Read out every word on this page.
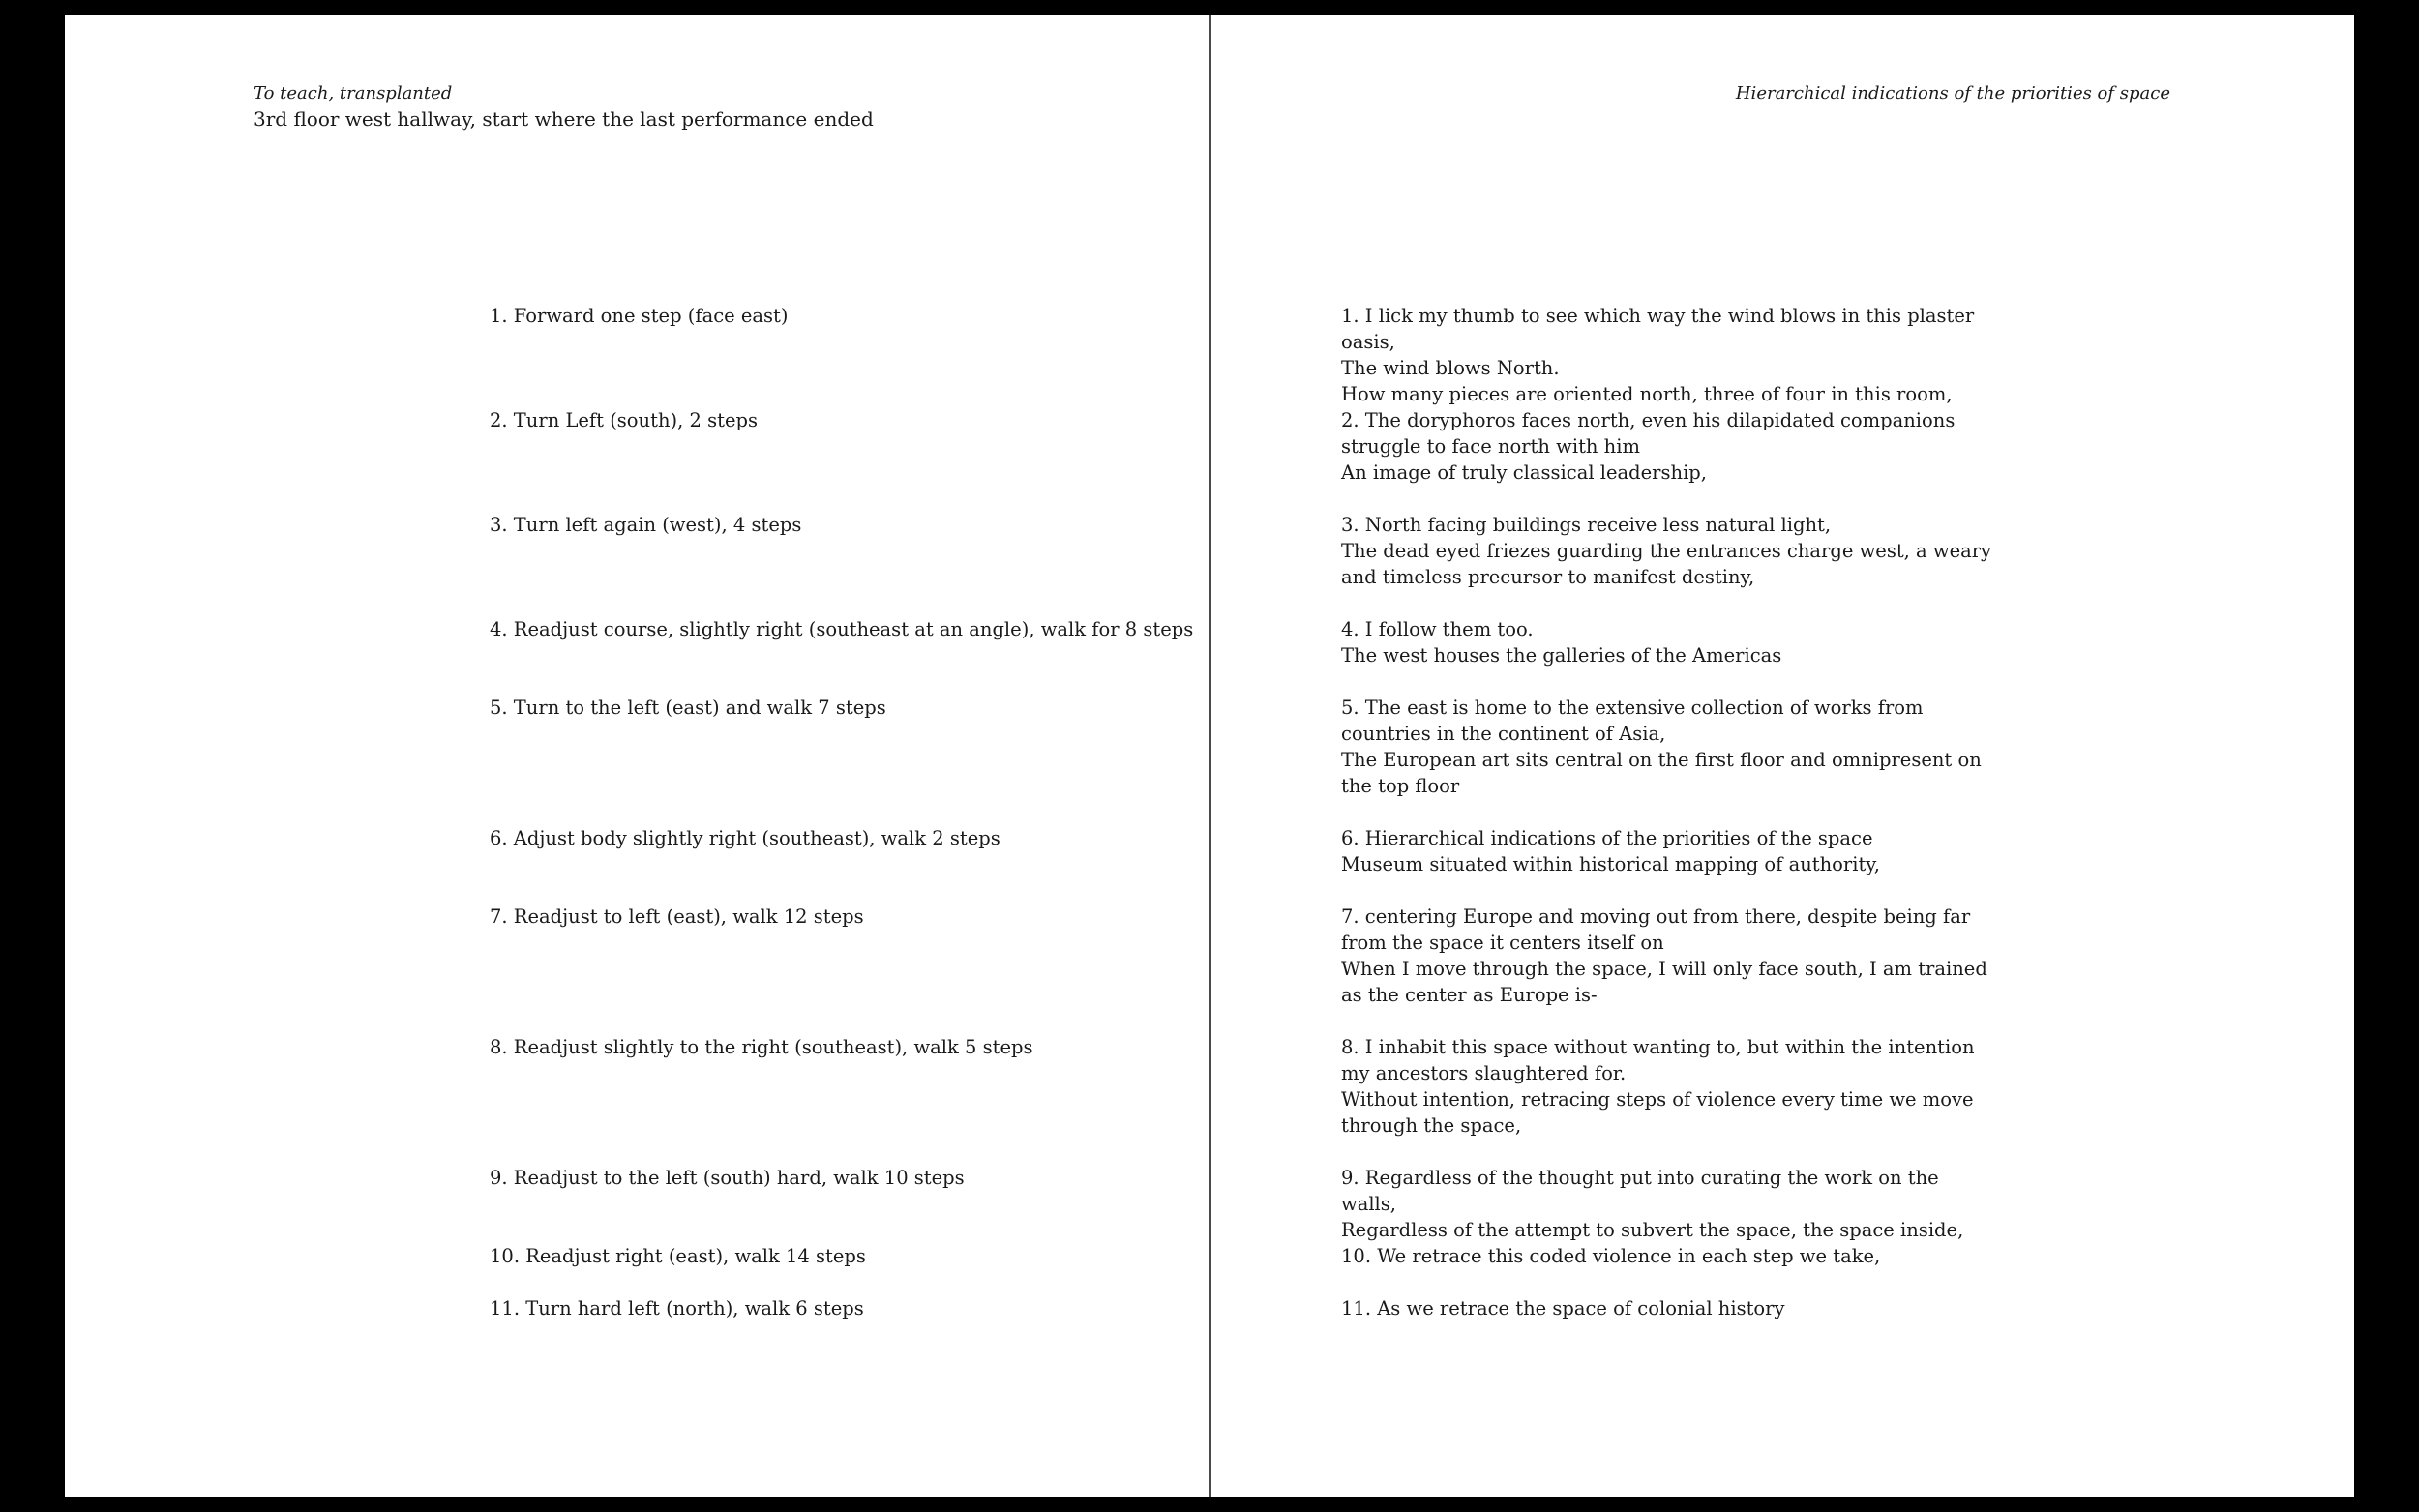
To teach, transplanted
3rd floor west hallway, start where the last performance ended
1. Forward one step (face east)
2. Turn Left (south), 2 steps
3. Turn left again (west), 4 steps
4. Readjust course, slightly right (southeast at an angle), walk for 8 steps
5. Turn to the left (east) and walk 7 steps
6. Adjust body slightly right (southeast), walk 2 steps
7. Readjust to left (east), walk 12 steps
8. Readjust slightly to the right (southeast), walk 5 steps
9. Readjust to the left (south) hard, walk 10 steps
10. Readjust right (east), walk 14 steps
11. Turn hard left (north), walk 6 steps
Hierarchical indications of the priorities of space
1. I lick my thumb to see which way the wind blows in this plaster oasis,
The wind blows North.
How many pieces are oriented north, three of four in this room,
2. The doryphoros faces north, even his dilapidated companions struggle to face north with him
An image of truly classical leadership,
3. North facing buildings receive less natural light,
The dead eyed friezes guarding the entrances charge west, a weary and timeless precursor to manifest destiny,
4. I follow them too.
The west houses the galleries of the Americas
5. The east is home to the extensive collection of works from countries in the continent of Asia,
The European art sits central on the first floor and omnipresent on the top floor
6. Hierarchical indications of the priorities of the space
Museum situated within historical mapping of authority,
7. centering Europe and moving out from there, despite being far from the space it centers itself on
When I move through the space, I will only face south, I am trained as the center as Europe is-
8. I inhabit this space without wanting to, but within the intention my ancestors slaughtered for.
Without intention, retracing steps of violence every time we move through the space,
9. Regardless of the thought put into curating the work on the walls,
Regardless of the attempt to subvert the space, the space inside,
10. We retrace this coded violence in each step we take,
11. As we retrace the space of colonial history
